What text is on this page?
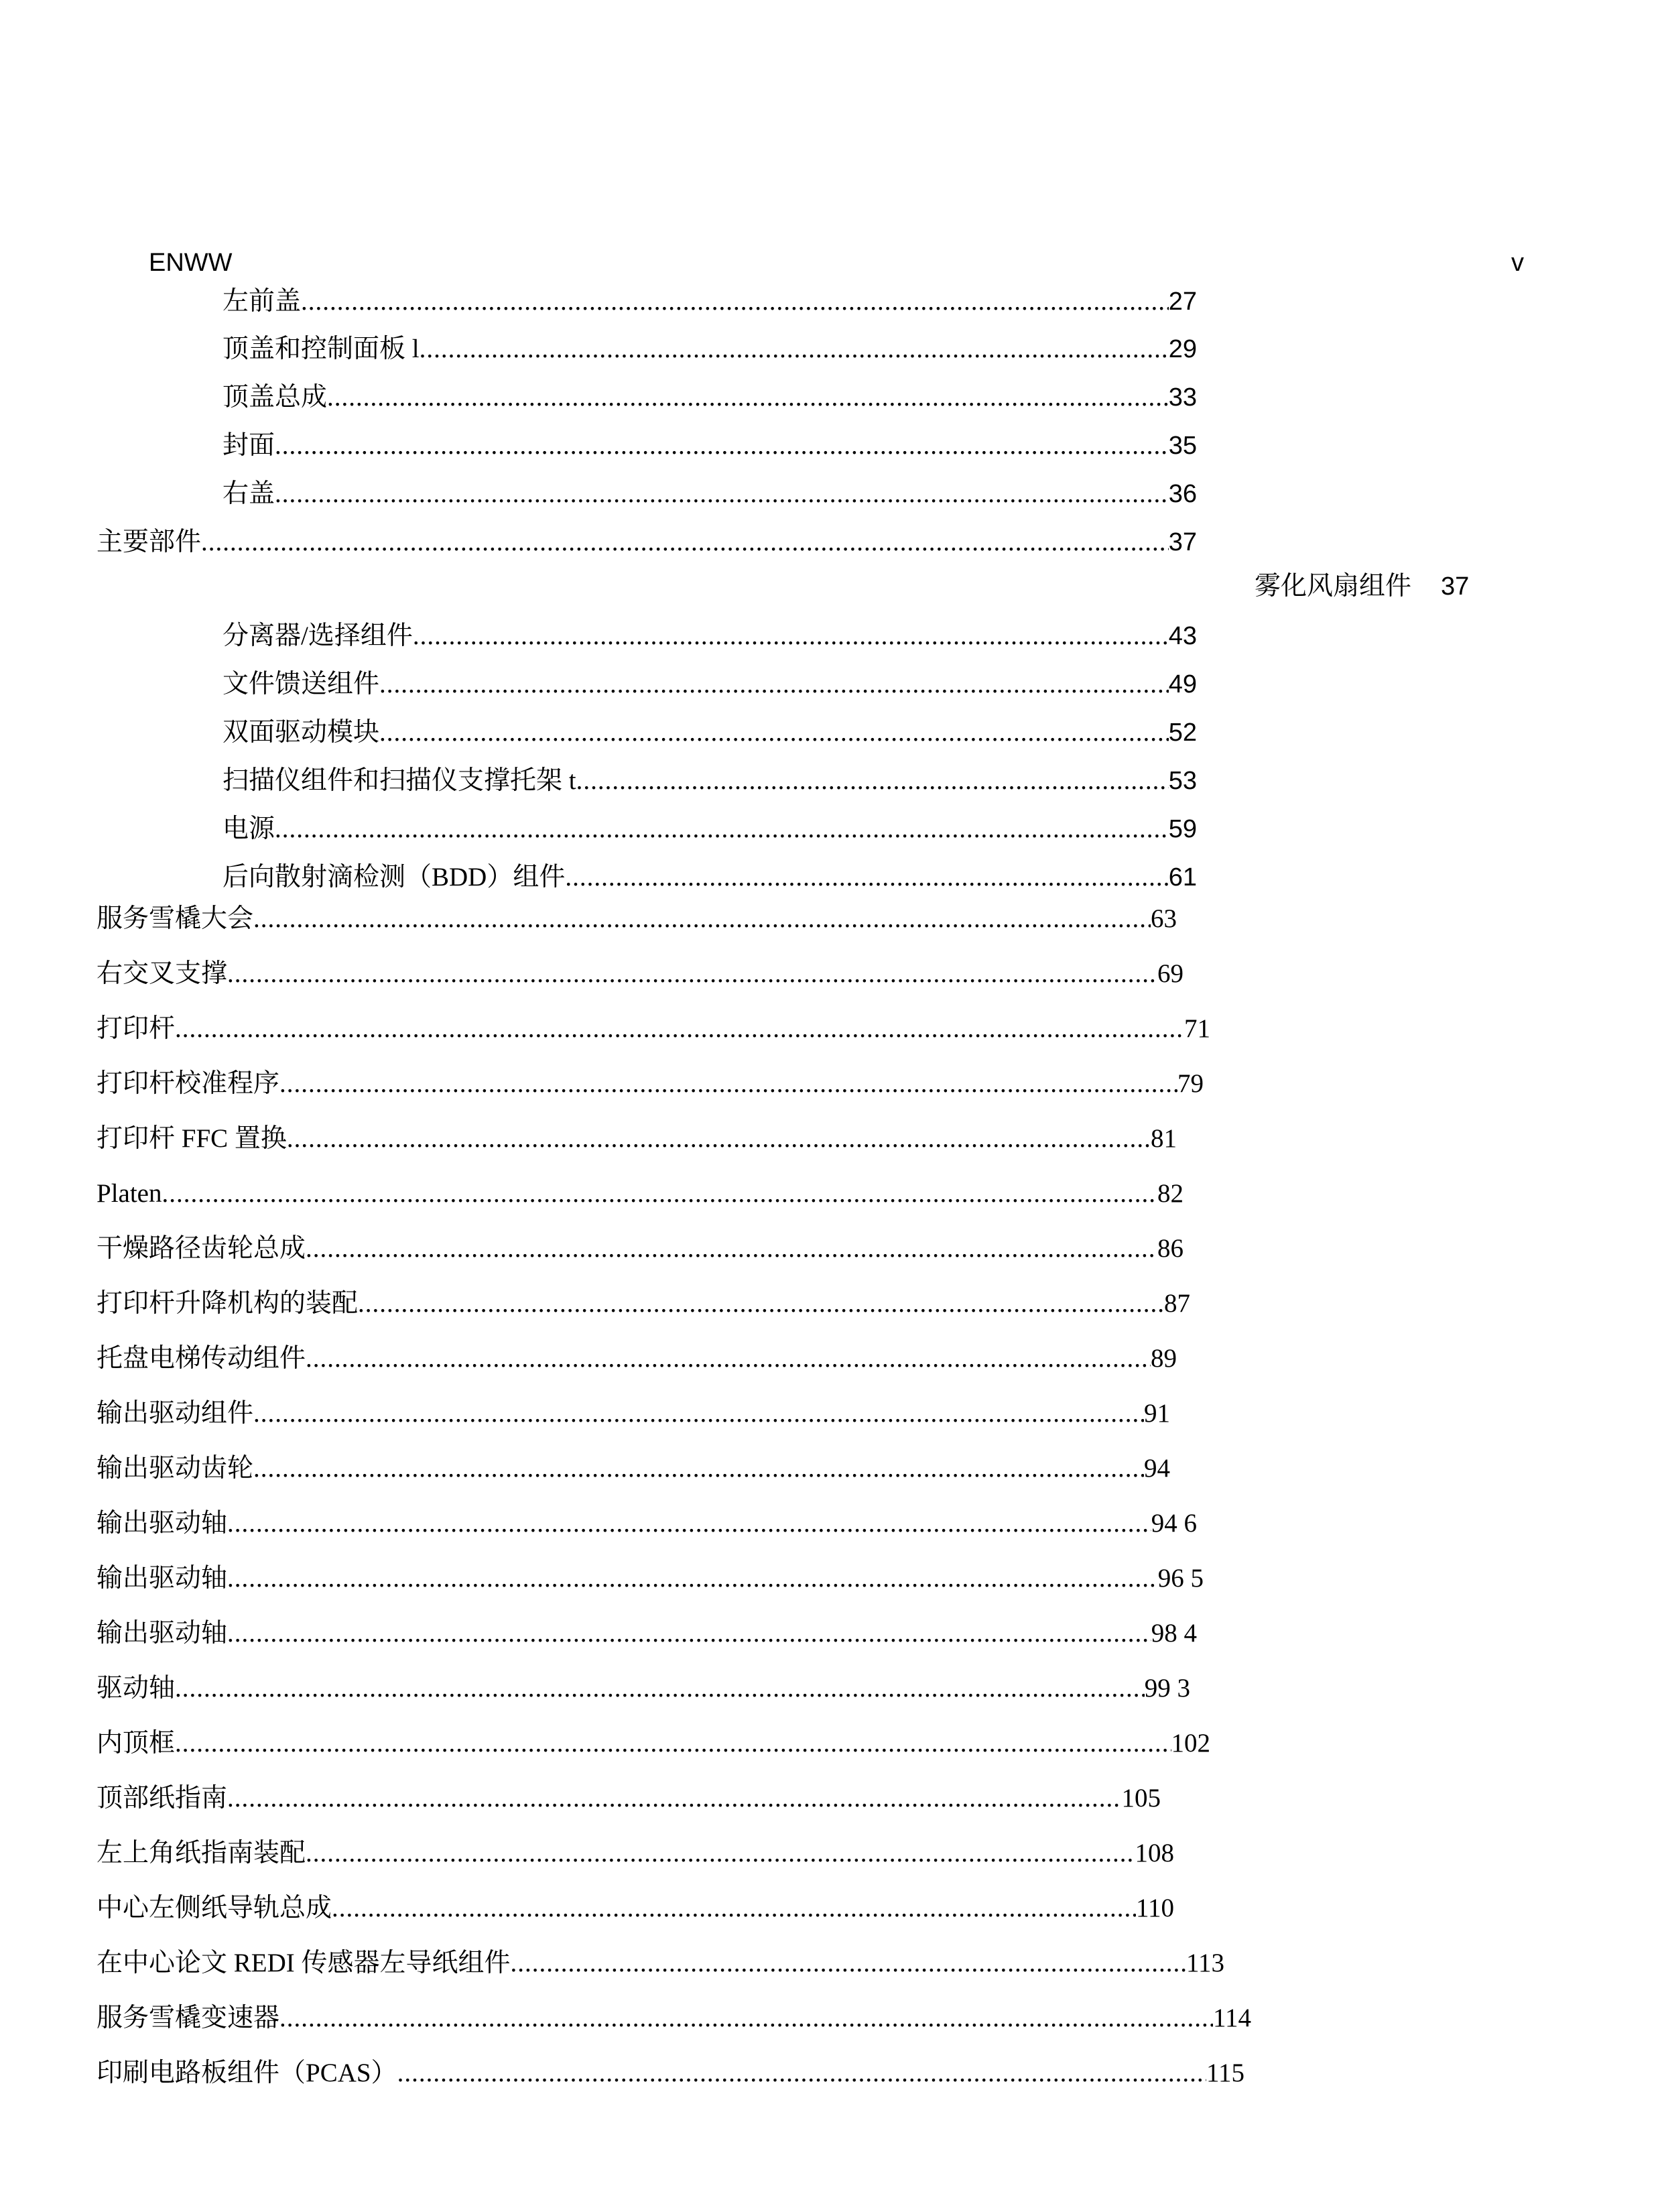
ENWW	v
左前盖 .....	27
顶盖和控制面板 l .....	29
顶盖总成 .....	33
封面 .....	35
右盖 .....	36
主要部件 .....	37
雾化风扇组件 37
分离器/选择组件 .....	43
文件馈送组件 .....	49
双面驱动模块 .....	52
扫描仪组件和扫描仪支撑托架 t .....	53
电源 .....	59
后向散射滴检测（BDD）组件 .....	61
服务雪橇大会 .....	63
右交叉支撑 .....	69
打印杆 .....	71
打印杆校准程序 .....	79
打印杆 FFC 置换 .....	81
Platen .....	82
干燥路径齿轮总成 .....	86
打印杆升降机构的装配 .....	87
托盘电梯传动组件 .....	89
输出驱动组件 .....	91
输出驱动齿轮 .....	94
输出驱动轴 .....	94 6
输出驱动轴 .....	96 5
输出驱动轴 .....	98 4
驱动轴 .....	99 3
内顶框 .....	102
顶部纸指南 .....	105
左上角纸指南装配 .....	108
中心左侧纸导轨总成 .....	110
在中心论文 REDI 传感器左导纸组件 .....	113
服务雪橇变速器 .....	114
印刷电路板组件（PCAS） .....	115
